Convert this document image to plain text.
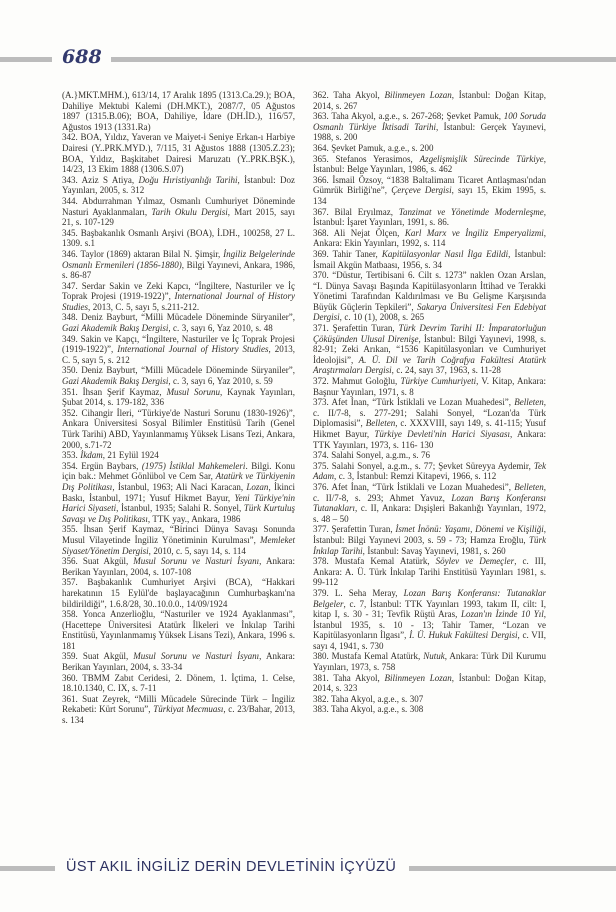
688

(A.}MKT.MHM.), 613/14, 17 Aralık 1895 (1313.Ca.29.); BOA, Dahiliye Mektubi Kalemi (DH.MKT.), 2087/7, 05 Ağustos 1897 (1315.B.06); BOA, Dahiliye, İdare (DH.İD.), 116/57, Ağustos 1913 (1331.Ra)

342. BOA, Yıldız, Yaveran ve Maiyet-i Seniye Erkan-ı Harbiye Dairesi (Y..PRK.MYD.), 7/115, 31 Ağustos 1888 (1305.Z.23); BOA, Yıldız, Başkitabet Dairesi Maruzatı (Y..PRK.BŞK.), 14/23, 13 Ekim 1888 (1306.S.07)

343. Aziz S Atiya, Doğu Hıristiyanlığı Tarihi, İstanbul: Doz Yayınları, 2005, s. 312

344. Abdurrahman Yılmaz, Osmanlı Cumhuriyet Döneminde Nasturi Ayaklanmaları, Tarih Okulu Dergisi, Mart 2015, sayı 21, s. 107-129

345. Başbakanlık Osmanlı Arşivi (BOA), İ.DH., 100258, 27 L. 1309. s.1

346. Taylor (1869) aktaran Bilal N. Şimşir, İngiliz Belgelerinde Osmanlı Ermenileri (1856-1880), Bilgi Yayınevi, Ankara, 1986, s. 86-87

347. Serdar Sakin ve Zeki Kapcı, “İngiltere, Nasturiler ve İç Toprak Projesi (1919-1922)”, International Journal of History Studies, 2013, C. 5, sayı 5, s.211-212.

348. Deniz Bayburt, “Milli Mücadele Döneminde Süryaniler”, Gazi Akademik Bakış Dergisi, c. 3, sayı 6, Yaz 2010, s. 48

349. Sakin ve Kapçı, “İngiltere, Nasturiler ve İç Toprak Projesi (1919-1922)”, International Journal of History Studies, 2013, C. 5, sayı 5, s. 212

350. Deniz Bayburt, “Milli Mücadele Döneminde Süryaniler”, Gazi Akademik Bakış Dergisi, c. 3, sayı 6, Yaz 2010, s. 59

351. İhsan Şerif Kaymaz, Musul Sorunu, Kaynak Yayınları, Şubat 2014, s. 179-182, 336

352. Cihangir İleri, “Türkiye'de Nasturi Sorunu (1830-1926)”, Ankara Üniversitesi Sosyal Bilimler Enstitüsü Tarih (Genel Türk Tarihi) ABD, Yayınlanmamış Yüksek Lisans Tezi, Ankara, 2000, s.71-72

353. İkdam, 21 Eylül 1924

354. Ergün Baybars, (1975) İstiklal Mahkemeleri. Bilgi. Konu için bak.: Mehmet Gönlübol ve Cem Sar, Atatürk ve Türkiyenin Dış Politikası, İstanbul, 1963; Ali Naci Karacan, Lozan, İkinci Baskı, İstanbul, 1971; Yusuf Hikmet Bayur, Yeni Türkiye'nin Harici Siyaseti, İstanbul, 1935; Salahi R. Sonyel, Türk Kurtuluş Savaşı ve Dış Politikası, TTK yay., Ankara, 1986

355. İhsan Şerif Kaymaz, “Birinci Dünya Savaşı Sonunda Musul Vilayetinde İngiliz Yönetiminin Kurulması”, Memleket Siyaset/Yönetim Dergisi, 2010, c. 5, sayı 14, s. 114

356. Suat Akgül, Musul Sorunu ve Nasturi İsyanı, Ankara: Berikan Yayınları, 2004, s. 107-108

357. Başbakanlık Cumhuriyet Arşivi (BCA), “Hakkari harekatının 15 Eylül'de başlayacağının Cumhurbaşkanı'na bildirildiği”, 1.6.8/28, 30..10.0.0., 14/09/1924

358. Yonca Anzerlioğlu, “Nasturiler ve 1924 Ayaklanması”, (Hacettepe Üniversitesi Atatürk İlkeleri ve İnkılap Tarihi Enstitüsü, Yayınlanmamış Yüksek Lisans Tezi), Ankara, 1996 s. 181

359. Suat Akgül, Musul Sorunu ve Nasturi İsyanı, Ankara: Berikan Yayınları, 2004, s. 33-34

360. TBMM Zabıt Ceridesi, 2. Dönem, 1. İçtima, 1. Celse, 18.10.1340, C. IX, s. 7-11

361. Suat Zeyrek, “Milli Mücadele Sürecinde Türk – İngiliz Rekabeti: Kürt Sorunu”, Türkiyat Mecmuası, c. 23/Bahar, 2013, s. 134

362. Taha Akyol, Bilinmeyen Lozan, İstanbul: Doğan Kitap, 2014, s. 267

363. Taha Akyol, a.g.e., s. 267-268; Şevket Pamuk, 100 Soruda Osmanlı Türkiye İktisadi Tarihi, İstanbul: Gerçek Yayınevi, 1988, s. 200

364. Şevket Pamuk, a.g.e., s. 200

365. Stefanos Yerasimos, Azgelişmişlik Sürecinde Türkiye, İstanbul: Belge Yayınları, 1986, s. 462

366. İsmail Özsoy, “1838 Baltalimanı Ticaret Antlaşması'ndan Gümrük Birliği'ne”, Çerçeve Dergisi, sayı 15, Ekim 1995, s. 134

367. Bilal Eryılmaz, Tanzimat ve Yönetimde Modernleşme, İstanbul: İşaret Yayınları, 1991, s. 86.

368. Ali Nejat Ölçen, Karl Marx ve İngiliz Emperyalizmi, Ankara: Ekin Yayınları, 1992, s. 114

369. Tahir Taner, Kapitülasyonlar Nasıl İlga Edildi, İstanbul: İsmail Akgün Matbaası, 1956, s. 34

370. “Düstur, Tertibisani 6. Cilt s. 1273” naklen Ozan Arslan, “I. Dünya Savaşı Başında Kapitülasyonların İttihad ve Terakki Yönetimi Tarafından Kaldırılması ve Bu Gelişme Karşısında Büyük Güçlerin Tepkileri”, Sakarya Üniversitesi Fen Edebiyat Dergisi, c. 10 (1), 2008, s. 265

371. Şerafettin Turan, Türk Devrim Tarihi II: İmparatorluğun Çöküşünden Ulusal Direnişe, İstanbul: Bilgi Yayınevi, 1998, s. 82-91; Zeki Arıkan, “1536 Kapitülasyonları ve Cumhuriyet İdeolojisi”, A. Ü. Dil ve Tarih Coğrafya Fakültesi Atatürk Araştırmaları Dergisi, c. 24, sayı 37, 1963, s. 11-28

372. Mahmut Goloğlu, Türkiye Cumhuriyeti, V. Kitap, Ankara: Başnur Yayınları, 1971, s. 8

373. Afet İnan, “Türk İstiklali ve Lozan Muahedesi”, Belleten, c. II/7-8, s. 277-291; Salahi Sonyel, “Lozan'da Türk Diplomasisi”, Belleten, c. XXXVIII, sayı 149, s. 41-115; Yusuf Hikmet Bayur, Türkiye Devleti'nin Harici Siyasası, Ankara: TTK Yayınları, 1973, s. 116- 130

374. Salahi Sonyel, a.g.m., s. 76

375. Salahi Sonyel, a.g.m., s. 77; Şevket Süreyya Aydemir, Tek Adam, c. 3, İstanbul: Remzi Kitapevi, 1966, s. 112

376. Afet İnan, “Türk İstiklali ve Lozan Muahedesi”, Belleten, c. II/7-8, s. 293; Ahmet Yavuz, Lozan Barış Konferansı Tutanakları, c. II, Ankara: Dışişleri Bakanlığı Yayınları, 1972, s. 48 – 50

377. Şerafettin Turan, İsmet İnönü: Yaşamı, Dönemi ve Kişiliği, İstanbul: Bilgi Yayınevi 2003, s. 59 - 73; Hamza Eroğlu, Türk İnkılap Tarihi, İstanbul: Savaş Yayınevi, 1981, s. 260

378. Mustafa Kemal Atatürk, Söylev ve Demeçler, c. III, Ankara: A. Ü. Türk İnkılap Tarihi Enstitüsü Yayınları 1981, s. 99-112

379. L. Seha Meray, Lozan Barış Konferansı: Tutanaklar Belgeler, c. 7, İstanbul: TTK Yayınları 1993, takım II, cilt: I, kitap I, s. 30 - 31; Tevfik Rüştü Aras, Lozan'ın İzinde 10 Yıl, İstanbul 1935, s. 10 - 13; Tahir Tamer, “Lozan ve Kapitülasyonların İlgası”, İ. Ü. Hukuk Fakültesi Dergisi, c. VII, sayı 4, 1941, s. 730

380. Mustafa Kemal Atatürk, Nutuk, Ankara: Türk Dil Kurumu Yayınları, 1973, s. 758

381. Taha Akyol, Bilinmeyen Lozan, İstanbul: Doğan Kitap, 2014, s. 323

382. Taha Akyol, a.g.e., s. 307

383. Taha Akyol, a.g.e., s. 308

ÜST AKIL İNGİLİZ DERİN DEVLETİNİN İÇYÜZÜ
